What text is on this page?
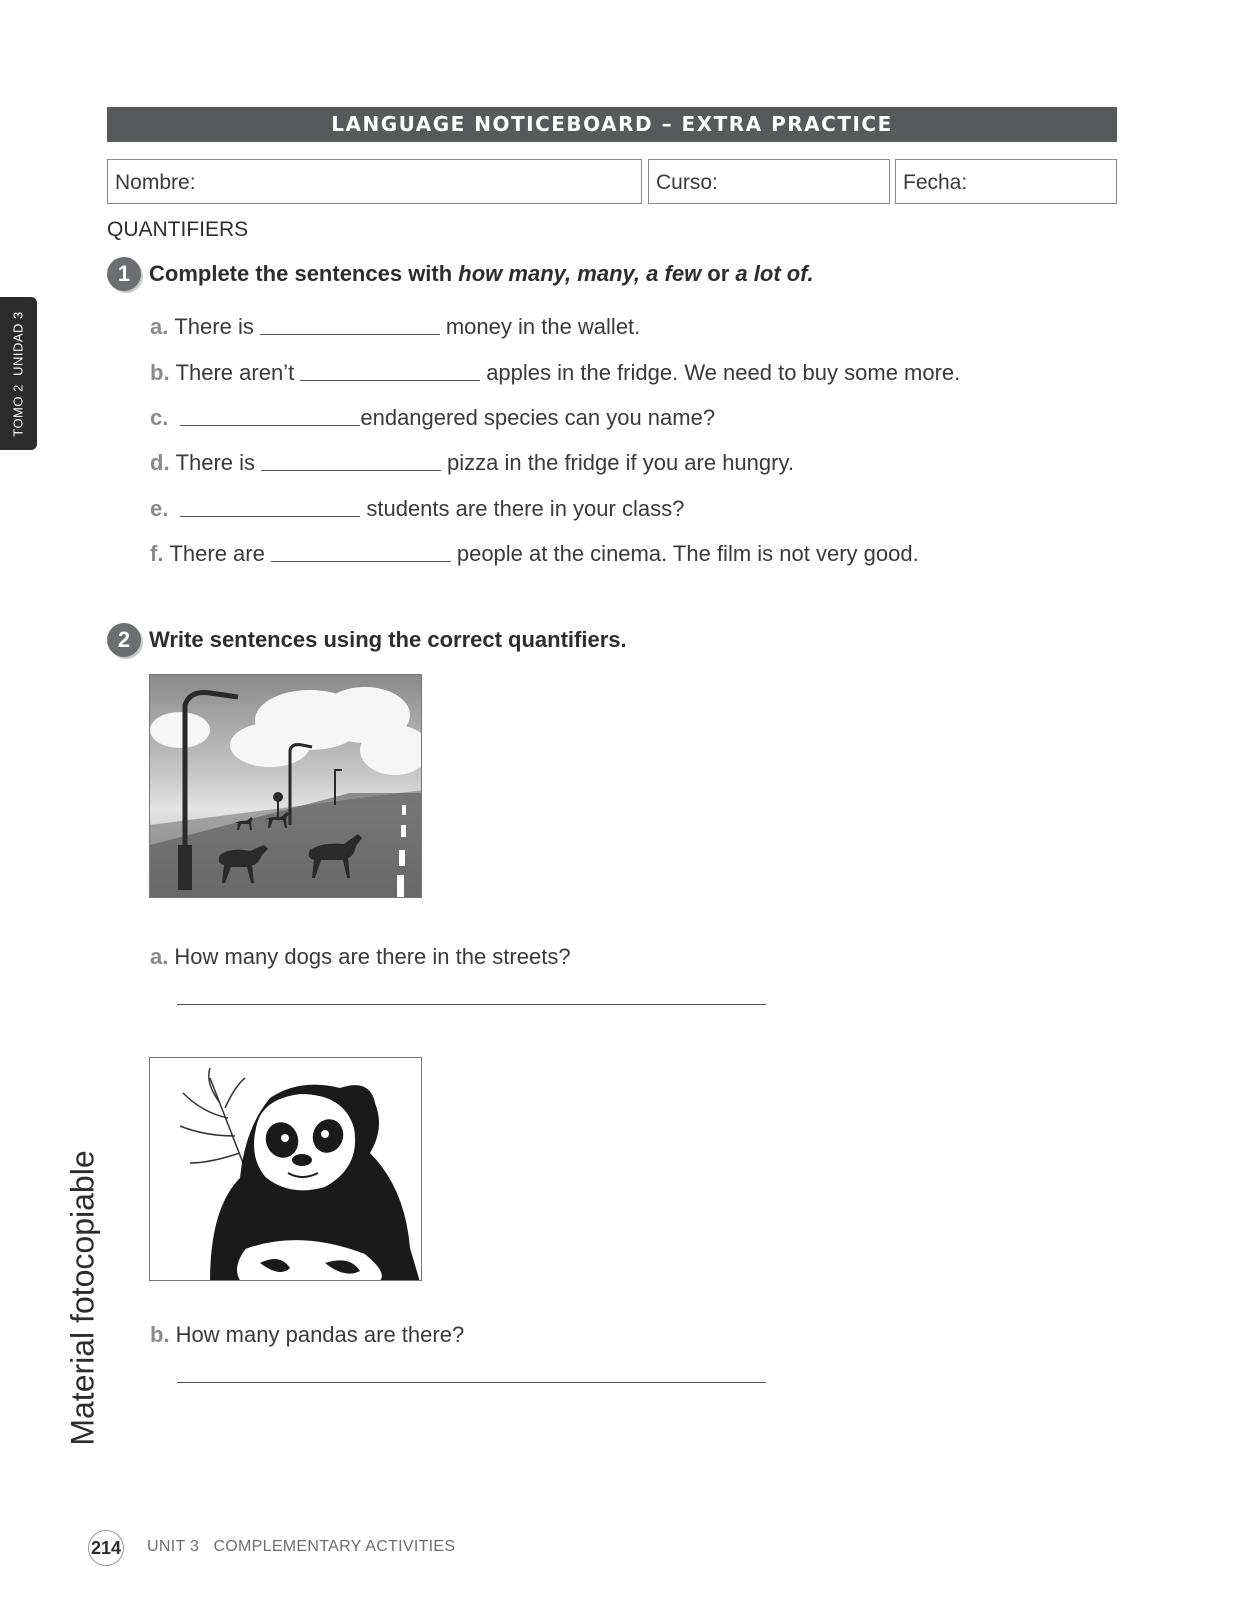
LANGUAGE NOTICEBOARD – EXTRA PRACTICE
Nombre:	Curso:	Fecha:
QUANTIFIERS
1 Complete the sentences with how many, many, a few or a lot of.
a. There is	money in the wallet.
b. There aren’t	apples in the fridge. We need to buy some more.
c.	endangered species can you name?
d. There is	pizza in the fridge if you are hungry.
e.	students are there in your class?
f. There are	people at the cinema. The film is not very good.
2 Write sentences using the correct quantifiers.
a. How many dogs are there in the streets?
b. How many pandas are there?
TOMO 2  UNIDAD 3
Material fotocopiable
214 UNIT 3 COMPLEMENTARY ACTIVITIES
